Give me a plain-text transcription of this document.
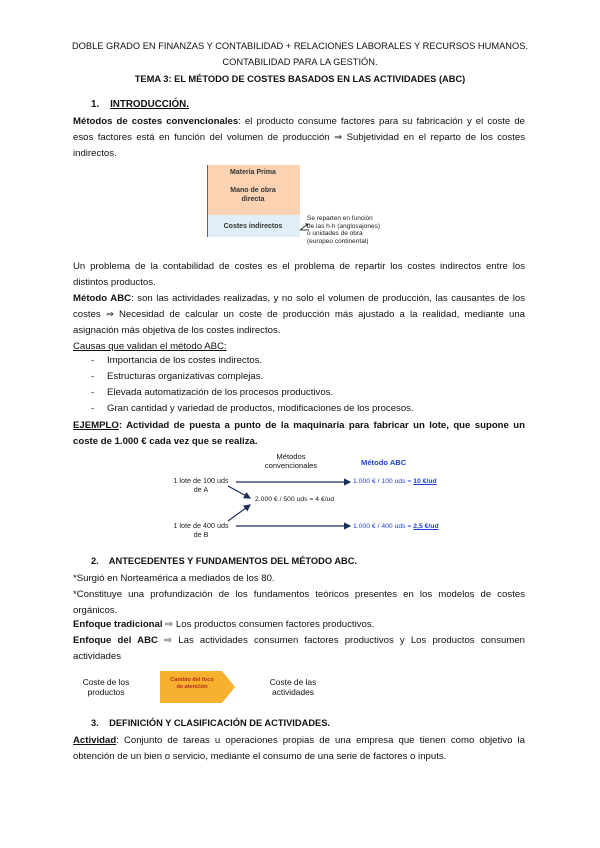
DOBLE GRADO EN FINANZAS Y CONTABILIDAD + RELACIONES LABORALES Y RECURSOS HUMANOS.
CONTABILIDAD PARA LA GESTIÓN.
TEMA 3: EL MÉTODO DE COSTES BASADOS EN LAS ACTIVIDADES (ABC)
1. INTRODUCCIÓN.
Métodos de costes convencionales: el producto consume factores para su fabricación y el coste de esos factores está en función del volumen de producción ⇒ Subjetividad en el reparto de los costes indirectos.
Materia Prima
Mano de obra directa
Costes indirectos
Se reparten en función
de las h-h (anglosajones)
o unidades de obra
(europeo continental)
Un problema de la contabilidad de costes es el problema de repartir los costes indirectos entre los distintos productos.
Método ABC: son las actividades realizadas, y no solo el volumen de producción, las causantes de los costes ⇒ Necesidad de calcular un coste de producción más ajustado a la realidad, mediante una asignación más objetiva de los costes indirectos.
Causas que validan el método ABC:
- Importancia de los costes indirectos.
- Estructuras organizativas complejas.
- Elevada automatización de los procesos productivos.
- Gran cantidad y variedad de productos, modificaciones de los procesos.
EJEMPLO: Actividad de puesta a punto de la maquinaria para fabricar un lote, que supone un coste de 1.000 € cada vez que se realiza.
Métodos
convencionales	Método ABC
1 lote de 100 uds
de A
1 lote de 400 uds
de B
2.000 € / 500 uds = 4 €/ud
1.000 € / 100 uds = 10 €/ud
1.000 € / 400 uds = 2,5 €/ud
2. ANTECEDENTES Y FUNDAMENTOS DEL MÉTODO ABC.
*Surgió en Norteamérica a mediados de los 80.
*Constituye una profundización de los fundamentos teóricos presentes en los modelos de costes orgánicos.
Enfoque tradicional ⇨ Los productos consumen factores productivos.
Enfoque del ABC ⇨ Las actividades consumen factores productivos y Los productos consumen actividades
Coste de los
productos
Cambio del foco
de atención	Coste de las
actividades
3. DEFINICIÓN Y CLASIFICACIÓN DE ACTIVIDADES.
Actividad: Conjunto de tareas u operaciones propias de una empresa que tienen como objetivo la obtención de un bien o servicio, mediante el consumo de una serie de factores o inputs.
